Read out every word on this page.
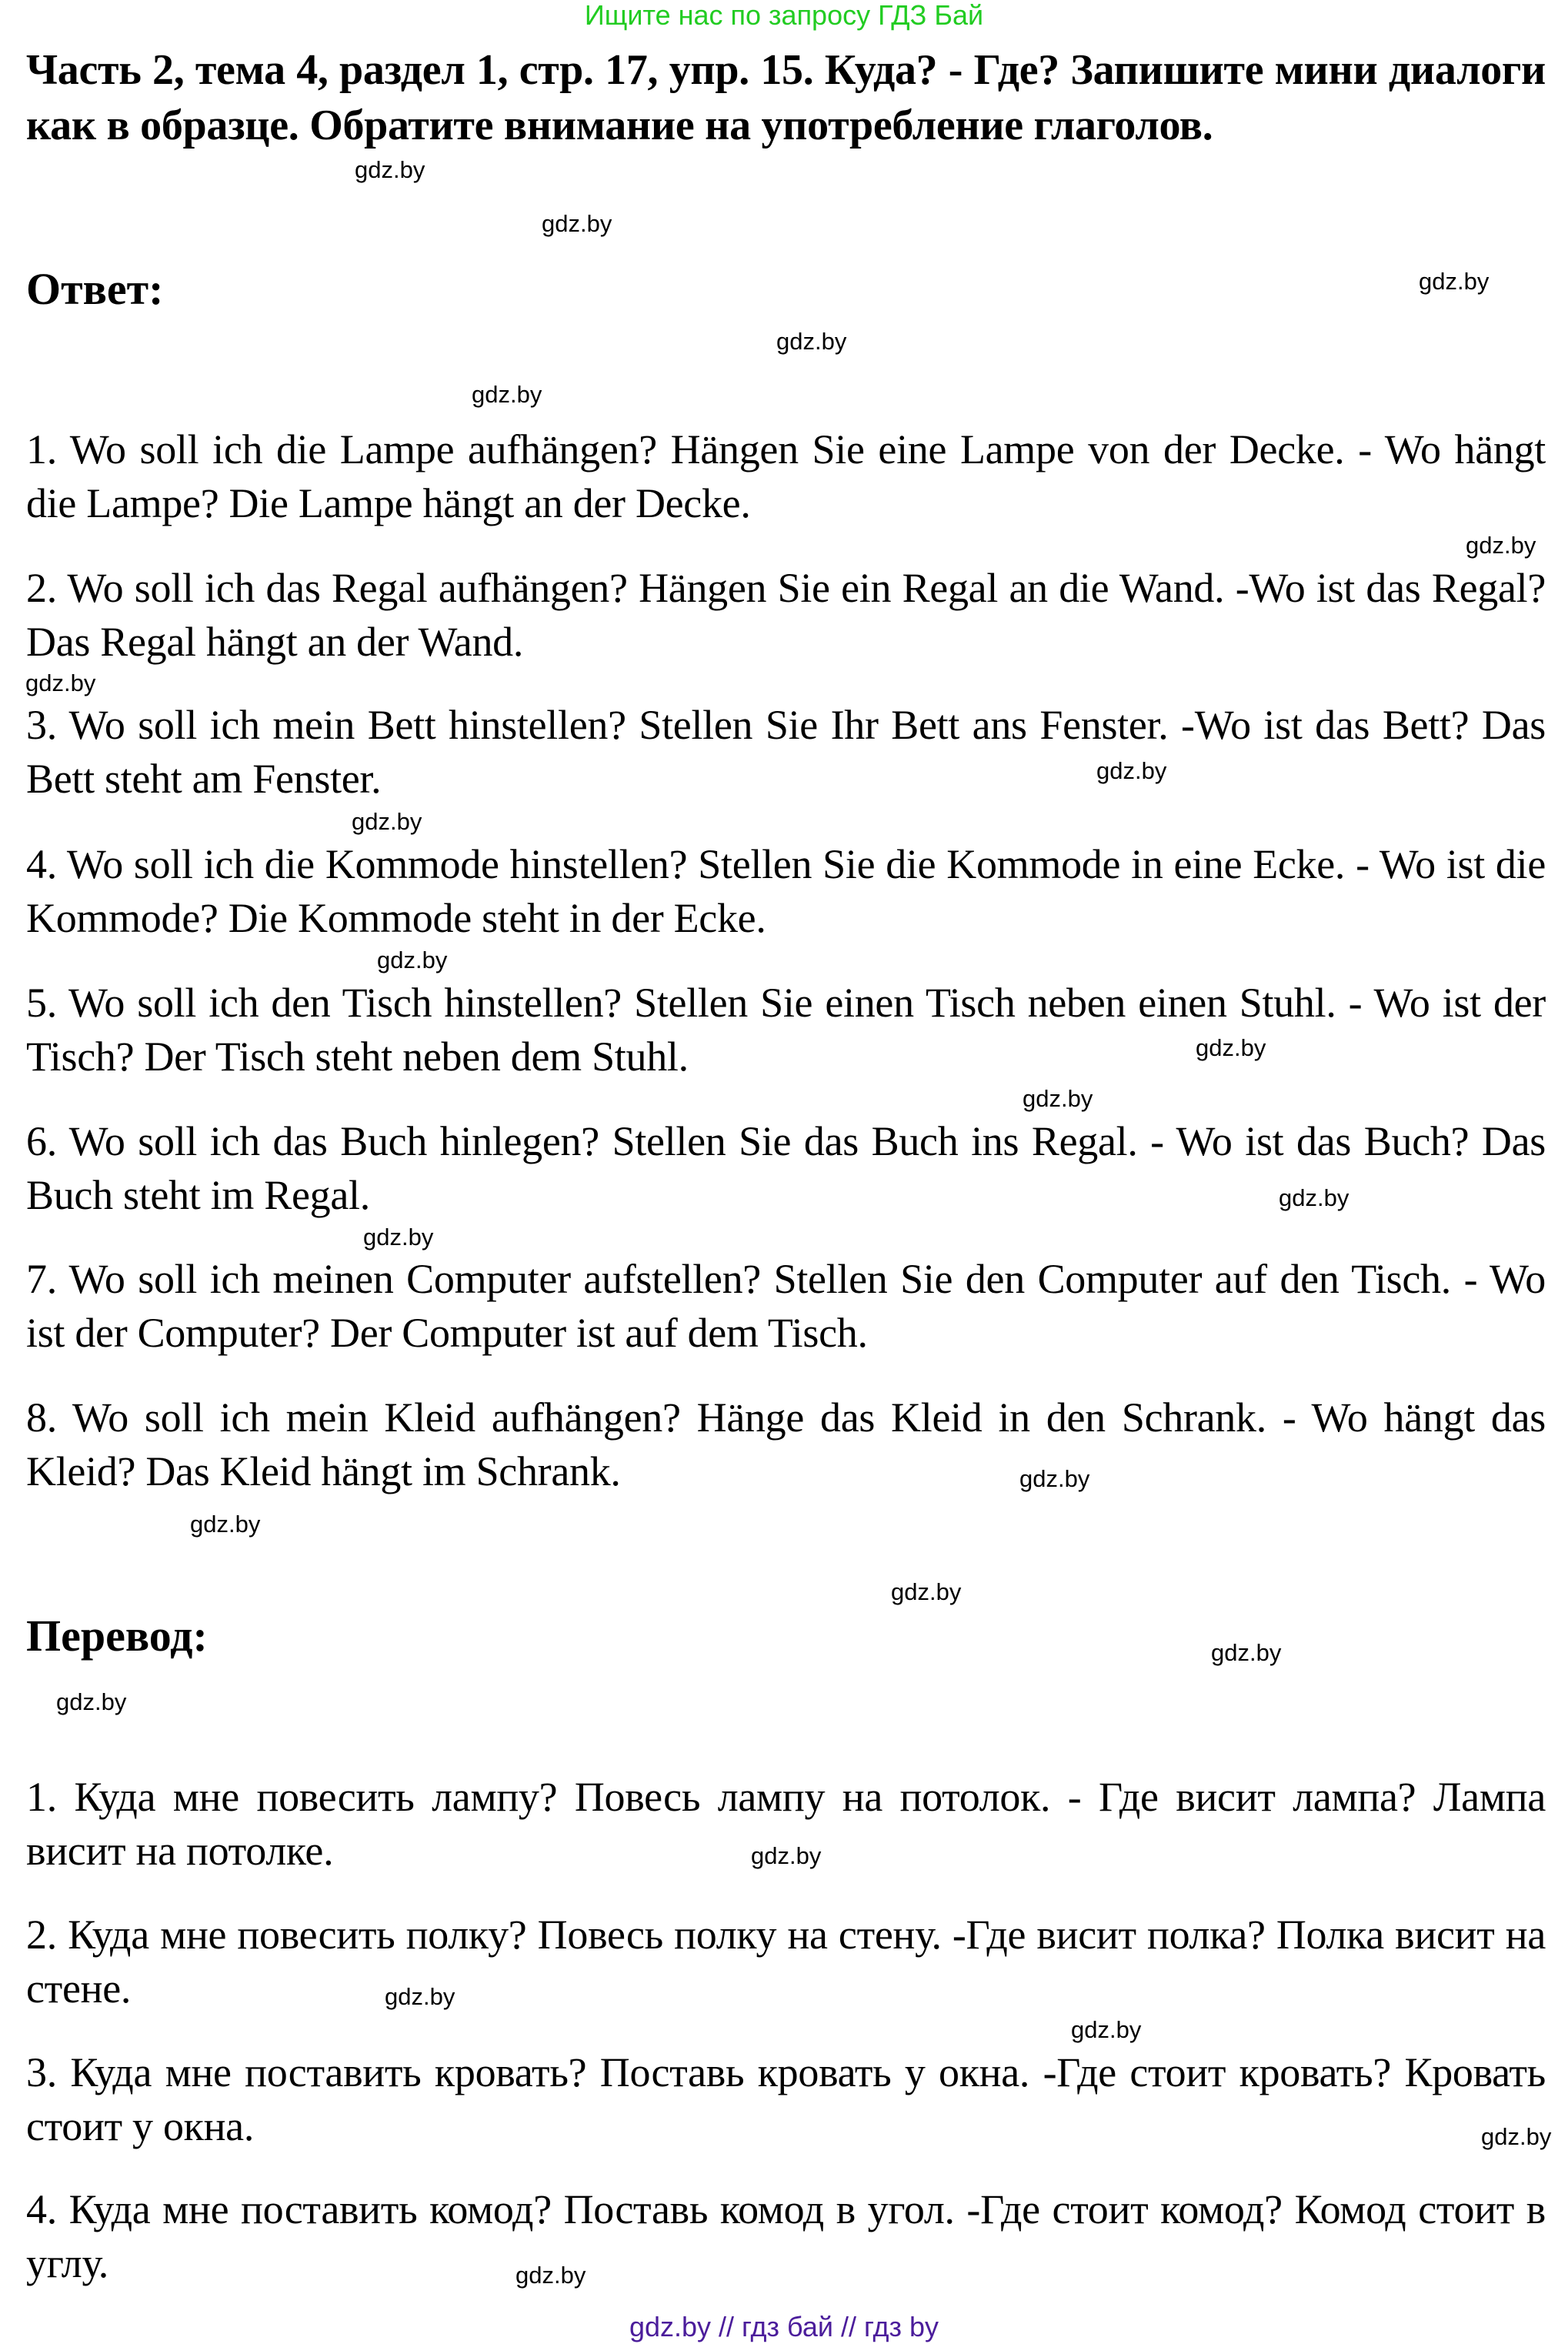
Ищите нас по запросу ГДЗ Бай
Часть 2, тема 4, раздел 1, стр. 17, упр. 15. Куда? - Где? Запишите мини диалоги как в образце. Обратите внимание на употребление глаголов.
Ответ:
1. Wo soll ich die Lampe aufhängen? Hängen Sie eine Lampe von der Decke. - Wo hängt die Lampe? Die Lampe hängt an der Decke.
2. Wo soll ich das Regal aufhängen? Hängen Sie ein Regal an die Wand. -Wo ist das Regal? Das Regal hängt an der Wand.
3. Wo soll ich mein Bett hinstellen? Stellen Sie Ihr Bett ans Fenster. -Wo ist das Bett? Das Bett steht am Fenster.
4. Wo soll ich die Kommode hinstellen? Stellen Sie die Kommode in eine Ecke. - Wo ist die Kommode? Die Kommode steht in der Ecke.
5. Wo soll ich den Tisch hinstellen? Stellen Sie einen Tisch neben einen Stuhl. - Wo ist der Tisch? Der Tisch steht neben dem Stuhl.
6. Wo soll ich das Buch hinlegen? Stellen Sie das Buch ins Regal. - Wo ist das Buch? Das Buch steht im Regal.
7. Wo soll ich meinen Computer aufstellen? Stellen Sie den Computer auf den Tisch. - Wo ist der Computer? Der Computer ist auf dem Tisch.
8. Wo soll ich mein Kleid aufhängen? Hänge das Kleid in den Schrank. - Wo hängt das Kleid? Das Kleid hängt im Schrank.
Перевод:
1. Куда мне повесить лампу? Повесь лампу на потолок. - Где висит лампа? Лампа висит на потолке.
2. Куда мне повесить полку? Повесь полку на стену. -Где висит полка? Полка висит на стене.
3. Куда мне поставить кровать? Поставь кровать у окна. -Где стоит кровать? Кровать стоит у окна.
4. Куда мне поставить комод? Поставь комод в угол. -Где стоит комод? Комод стоит в углу.
gdz.by
gdz.by
gdz.by
gdz.by
gdz.by
gdz.by
gdz.by
gdz.by
gdz.by
gdz.by
gdz.by
gdz.by
gdz.by
gdz.by
gdz.by
gdz.by
gdz.by
gdz.by
gdz.by
gdz.by
gdz.by
gdz.by
gdz.by
gdz.by
gdz.by // гдз бай // гдз by
